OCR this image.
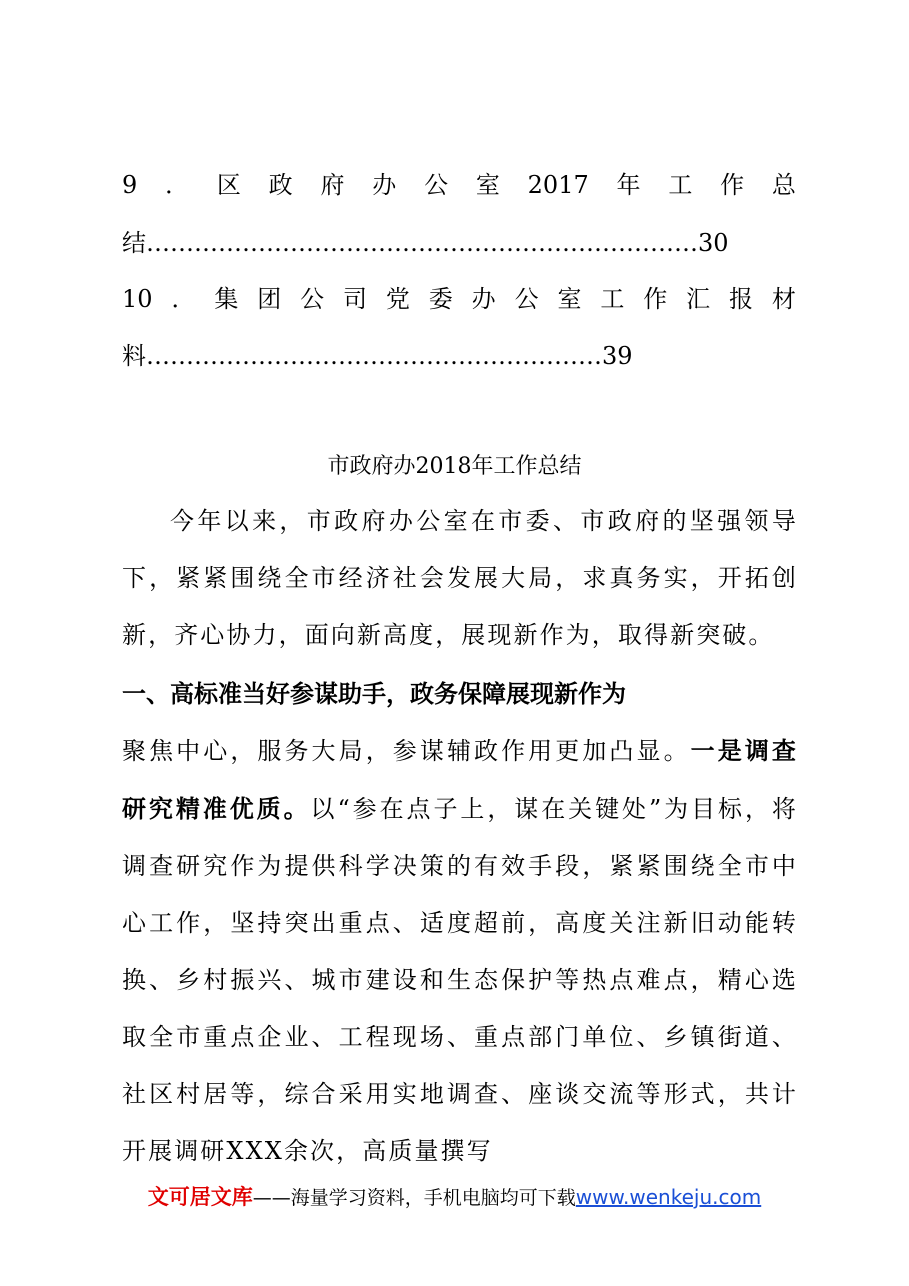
9 ． 区 政 府 办 公 室 2017 年 工 作 总
结……………………………………………………………30
10 ． 集 团 公 司 党 委 办 公 室 工 作 汇 报 材
料…………………………………………………39
市政府办2018年工作总结
今年以来，市政府办公室在市委、市政府的坚强领导下，紧紧围绕全市经济社会发展大局，求真务实，开拓创新，齐心协力，面向新高度，展现新作为，取得新突破。
一、高标准当好参谋助手，政务保障展现新作为
聚焦中心，服务大局，参谋辅政作用更加凸显。一是调查研究精准优质。以“参在点子上，谋在关键处”为目标，将调查研究作为提供科学决策的有效手段，紧紧围绕全市中心工作，坚持突出重点、适度超前，高度关注新旧动能转换、乡村振兴、城市建设和生态保护等热点难点，精心选取全市重点企业、工程现场、重点部门单位、乡镇街道、社区村居等，综合采用实地调查、座谈交流等形式，共计开展调研XXX余次，高质量撰写
文可居文库——海量学习资料，手机电脑均可下载www.wenkeju.com
